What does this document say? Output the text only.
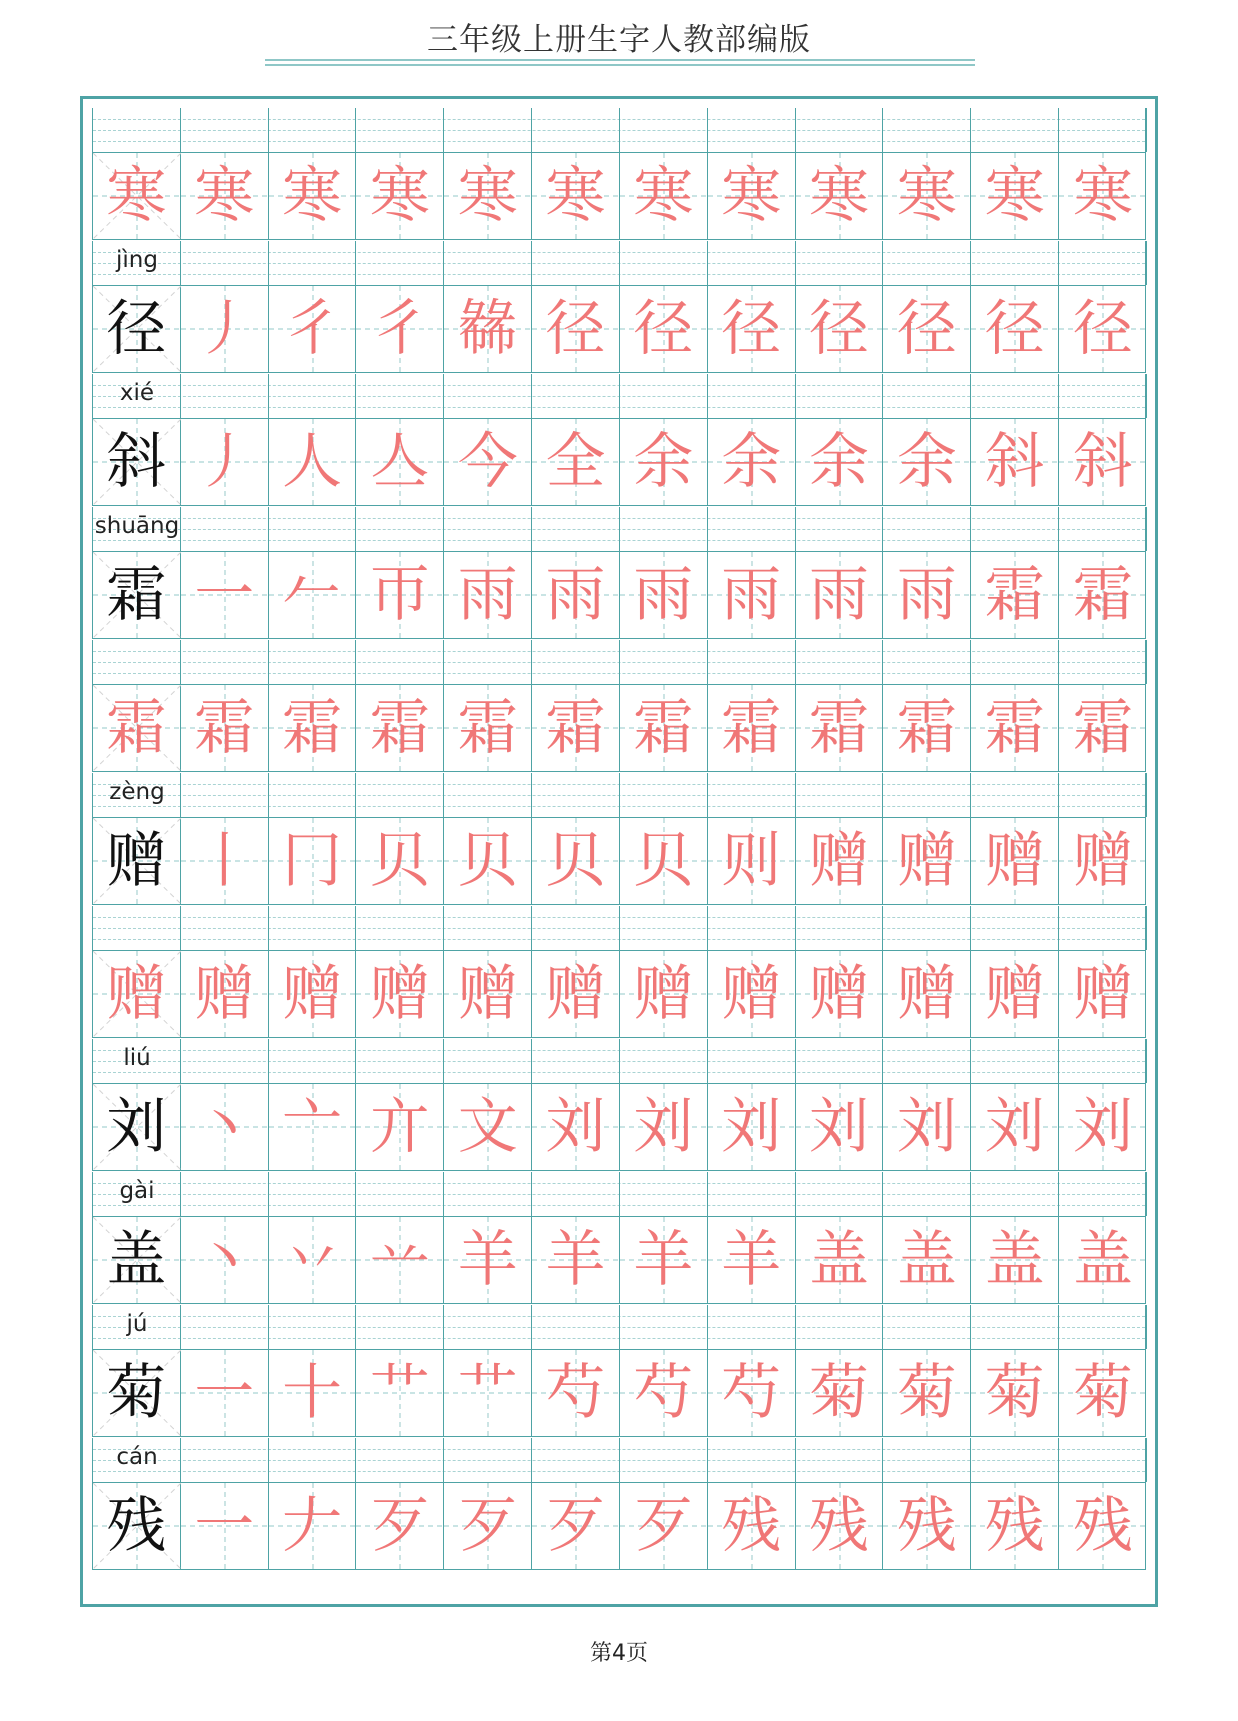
三年级上册生字人教部编版
寒 寒 寒 寒 寒 寒 寒 寒 寒 寒 寒 寒
jìng
径 丿 彳 彳 㣈 径 径 径 径 径 径 径
xié
斜 丿 人 亼 今 全 余 余 余 余 斜 斜
shuāng
霜 一 𠂉 帀 雨 雨 雨 雨 雨 雨 霜 霜
霜 霜 霜 霜 霜 霜 霜 霜 霜 霜 霜 霜
zèng
赠 丨 冂 贝 贝 贝 贝 则 赠 赠 赠 赠
赠 赠 赠 赠 赠 赠 赠 赠 赠 赠 赠 赠
liú
刘 丶 亠 亣 文 刘 刘 刘 刘 刘 刘 刘
gài
盖 丶 丷 䒑 羊 羊 羊 羊 盖 盖 盖 盖
jú
菊 一 十 艹 艹 芍 芍 芍 菊 菊 菊 菊
cán
残 一 𠂇 歹 歹 歹 歹 残 残 残 残 残
第4页
